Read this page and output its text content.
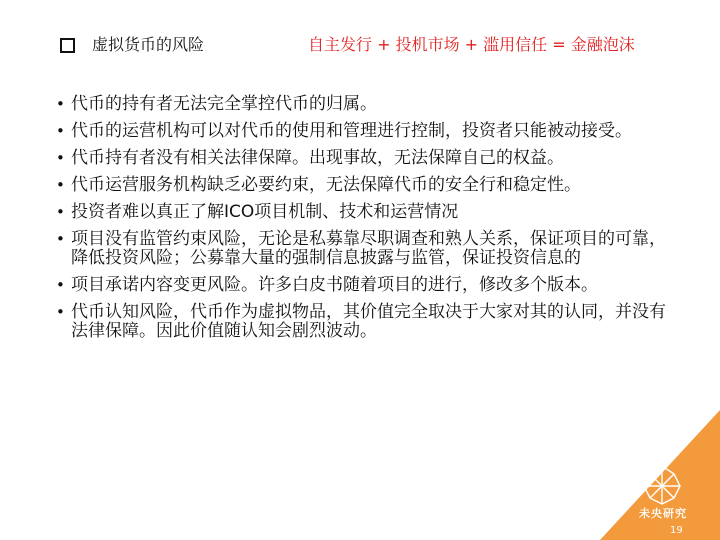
虚拟货币的风险	自主发行 + 投机市场 + 滥用信任 = 金融泡沫
• 代币的持有者无法完全掌控代币的归属。
• 代币的运营机构可以对代币的使用和管理进行控制，投资者只能被动接受。
• 代币持有者没有相关法律保障。出现事故，无法保障自己的权益。
• 代币运营服务机构缺乏必要约束，无法保障代币的安全行和稳定性。
• 投资者难以真正了解ICO项目机制、技术和运营情况
• 项目没有监管约束风险，无论是私募靠尽职调查和熟人关系，保证项目的可靠，降低投资风险；公募靠大量的强制信息披露与监管，保证投资信息的
• 项目承诺内容变更风险。许多白皮书随着项目的进行，修改多个版本。
• 代币认知风险，代币作为虚拟物品，其价值完全取决于大家对其的认同，并没有法律保障。因此价值随认知会剧烈波动。
未央研究
19
